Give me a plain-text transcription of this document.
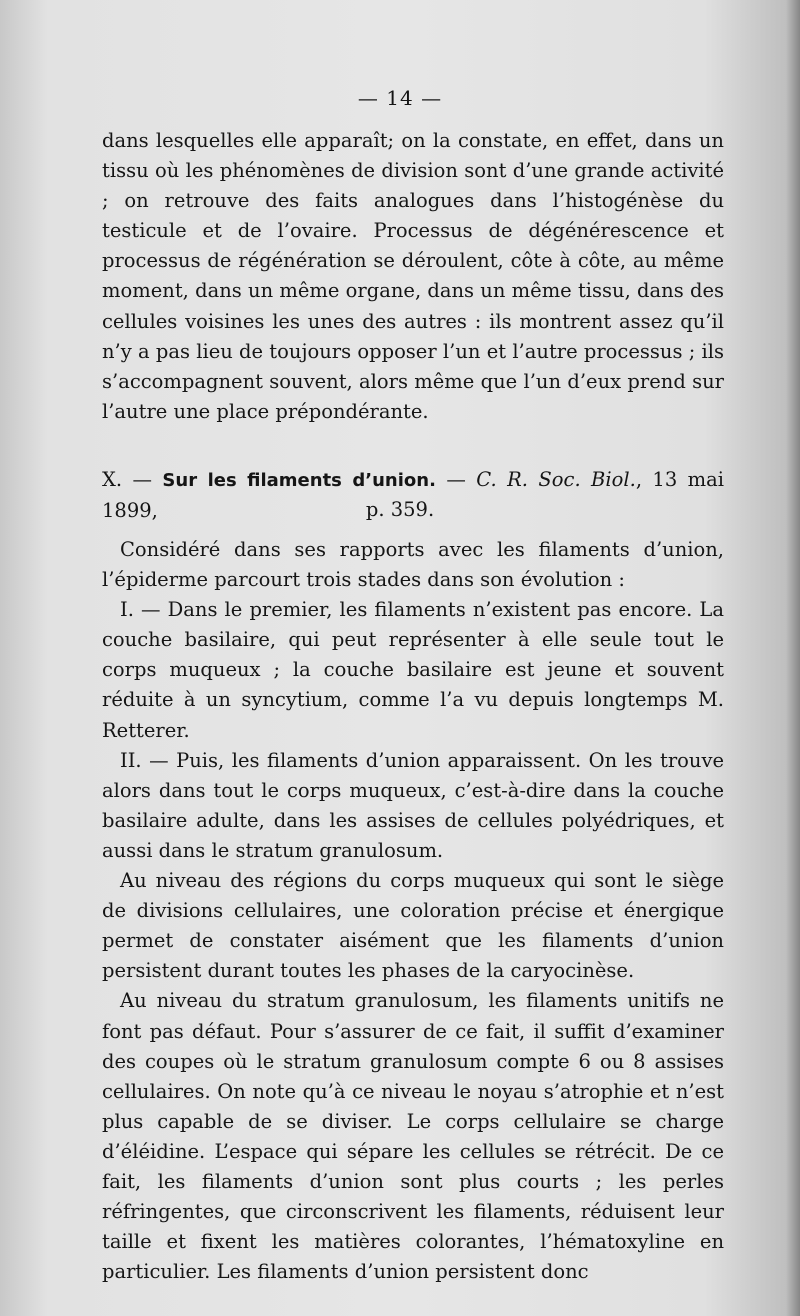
— 14 —

dans lesquelles elle apparaît; on la constate, en effet, dans un tissu où les phénomènes de division sont d’une grande activité ; on retrouve des faits analogues dans l’histogénèse du testicule et de l’ovaire. Processus de dégénérescence et processus de régénération se déroulent, côte à côte, au même moment, dans un même organe, dans un même tissu, dans des cellules voisines les unes des autres : ils montrent assez qu’il n’y a pas lieu de toujours opposer l’un et l’autre processus ; ils s’accompagnent souvent, alors même que l’un d’eux prend sur l’autre une place prépondérante.

X. — Sur les filaments d’union. — C. R. Soc. Biol., 13 mai 1899,	p. 359.

Considéré dans ses rapports avec les filaments d’union, l’épiderme parcourt trois stades dans son évolution :

I. — Dans le premier, les filaments n’existent pas encore. La couche basilaire, qui peut représenter à elle seule tout le corps muqueux ; la couche basilaire est jeune et souvent réduite à un syncytium, comme l’a vu depuis longtemps M. Retterer.

II. — Puis, les filaments d’union apparaissent. On les trouve alors dans tout le corps muqueux, c’est-à-dire dans la couche basilaire adulte, dans les assises de cellules polyédriques, et aussi dans le stratum granulosum.

Au niveau des régions du corps muqueux qui sont le siège de divisions cellulaires, une coloration précise et énergique permet de constater aisément que les filaments d’union persistent durant toutes les phases de la caryocinèse.

Au niveau du stratum granulosum, les filaments unitifs ne font pas défaut. Pour s’assurer de ce fait, il suffit d’examiner des coupes où le stratum granulosum compte 6 ou 8 assises cellulaires. On note qu’à ce niveau le noyau s’atrophie et n’est plus capable de se diviser. Le corps cellulaire se charge d’éléidine. L’espace qui sépare les cellules se rétrécit. De ce fait, les filaments d’union sont plus courts ; les perles réfringentes, que circonscrivent les filaments, réduisent leur taille et fixent les matières colorantes, l’hématoxyline en particulier. Les filaments d’union persistent donc
